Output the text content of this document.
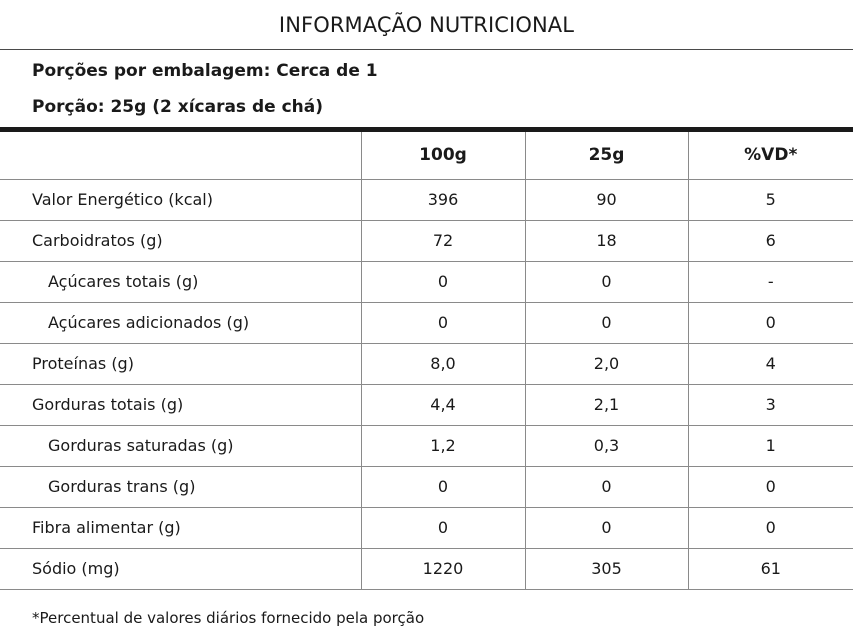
INFORMAÇÃO NUTRICIONAL
Porções por embalagem: Cerca de 1
Porção: 25g (2 xícaras de chá)
	100g	25g	%VD*
Valor Energético (kcal)	396	90	5
Carboidratos (g)	72	18	6
Açúcares totais (g)	0	0	-
Açúcares adicionados (g)	0	0	0
Proteínas (g)	8,0	2,0	4
Gorduras totais (g)	4,4	2,1	3
Gorduras saturadas (g)	1,2	0,3	1
Gorduras trans (g)	0	0	0
Fibra alimentar (g)	0	0	0
Sódio (mg)	1220	305	61
*Percentual de valores diários fornecido pela porção
